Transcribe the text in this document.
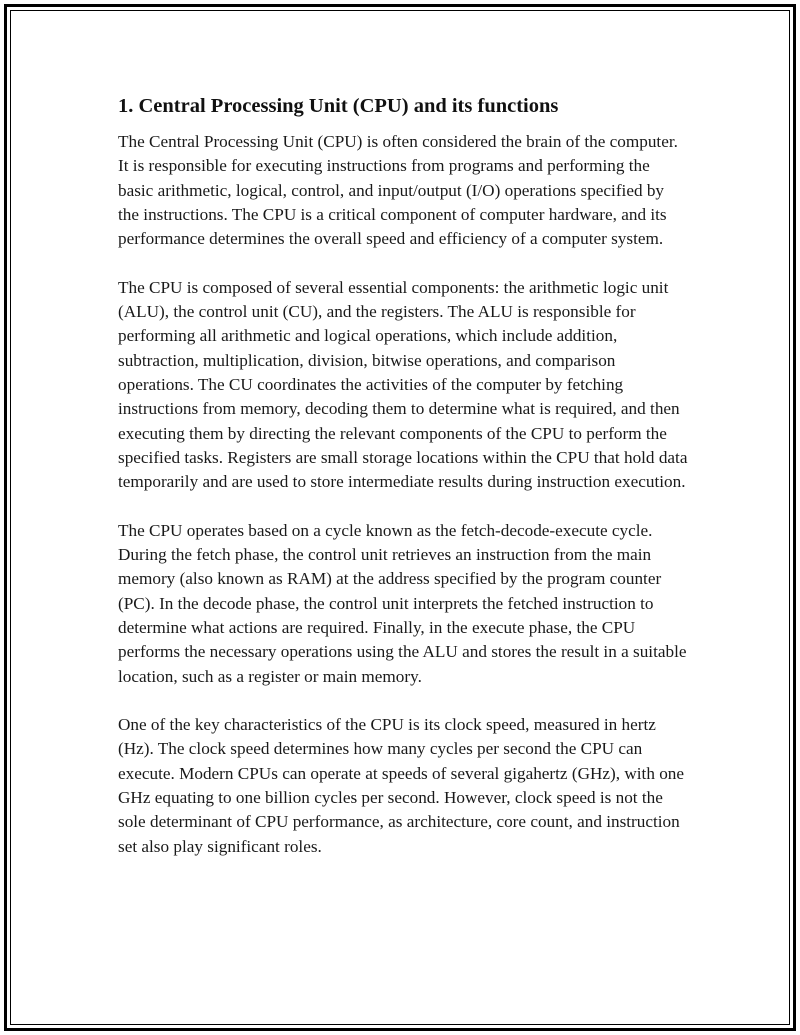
1. Central Processing Unit (CPU) and its functions

The Central Processing Unit (CPU) is often considered the brain of the computer. It is responsible for executing instructions from programs and performing the basic arithmetic, logical, control, and input/output (I/O) operations specified by the instructions. The CPU is a critical component of computer hardware, and its performance determines the overall speed and efficiency of a computer system.

The CPU is composed of several essential components: the arithmetic logic unit (ALU), the control unit (CU), and the registers. The ALU is responsible for performing all arithmetic and logical operations, which include addition, subtraction, multiplication, division, bitwise operations, and comparison operations. The CU coordinates the activities of the computer by fetching instructions from memory, decoding them to determine what is required, and then executing them by directing the relevant components of the CPU to perform the specified tasks. Registers are small storage locations within the CPU that hold data temporarily and are used to store intermediate results during instruction execution.

The CPU operates based on a cycle known as the fetch-decode-execute cycle. During the fetch phase, the control unit retrieves an instruction from the main memory (also known as RAM) at the address specified by the program counter (PC). In the decode phase, the control unit interprets the fetched instruction to determine what actions are required. Finally, in the execute phase, the CPU performs the necessary operations using the ALU and stores the result in a suitable location, such as a register or main memory.

One of the key characteristics of the CPU is its clock speed, measured in hertz (Hz). The clock speed determines how many cycles per second the CPU can execute. Modern CPUs can operate at speeds of several gigahertz (GHz), with one GHz equating to one billion cycles per second. However, clock speed is not the sole determinant of CPU performance, as architecture, core count, and instruction set also play significant roles.
